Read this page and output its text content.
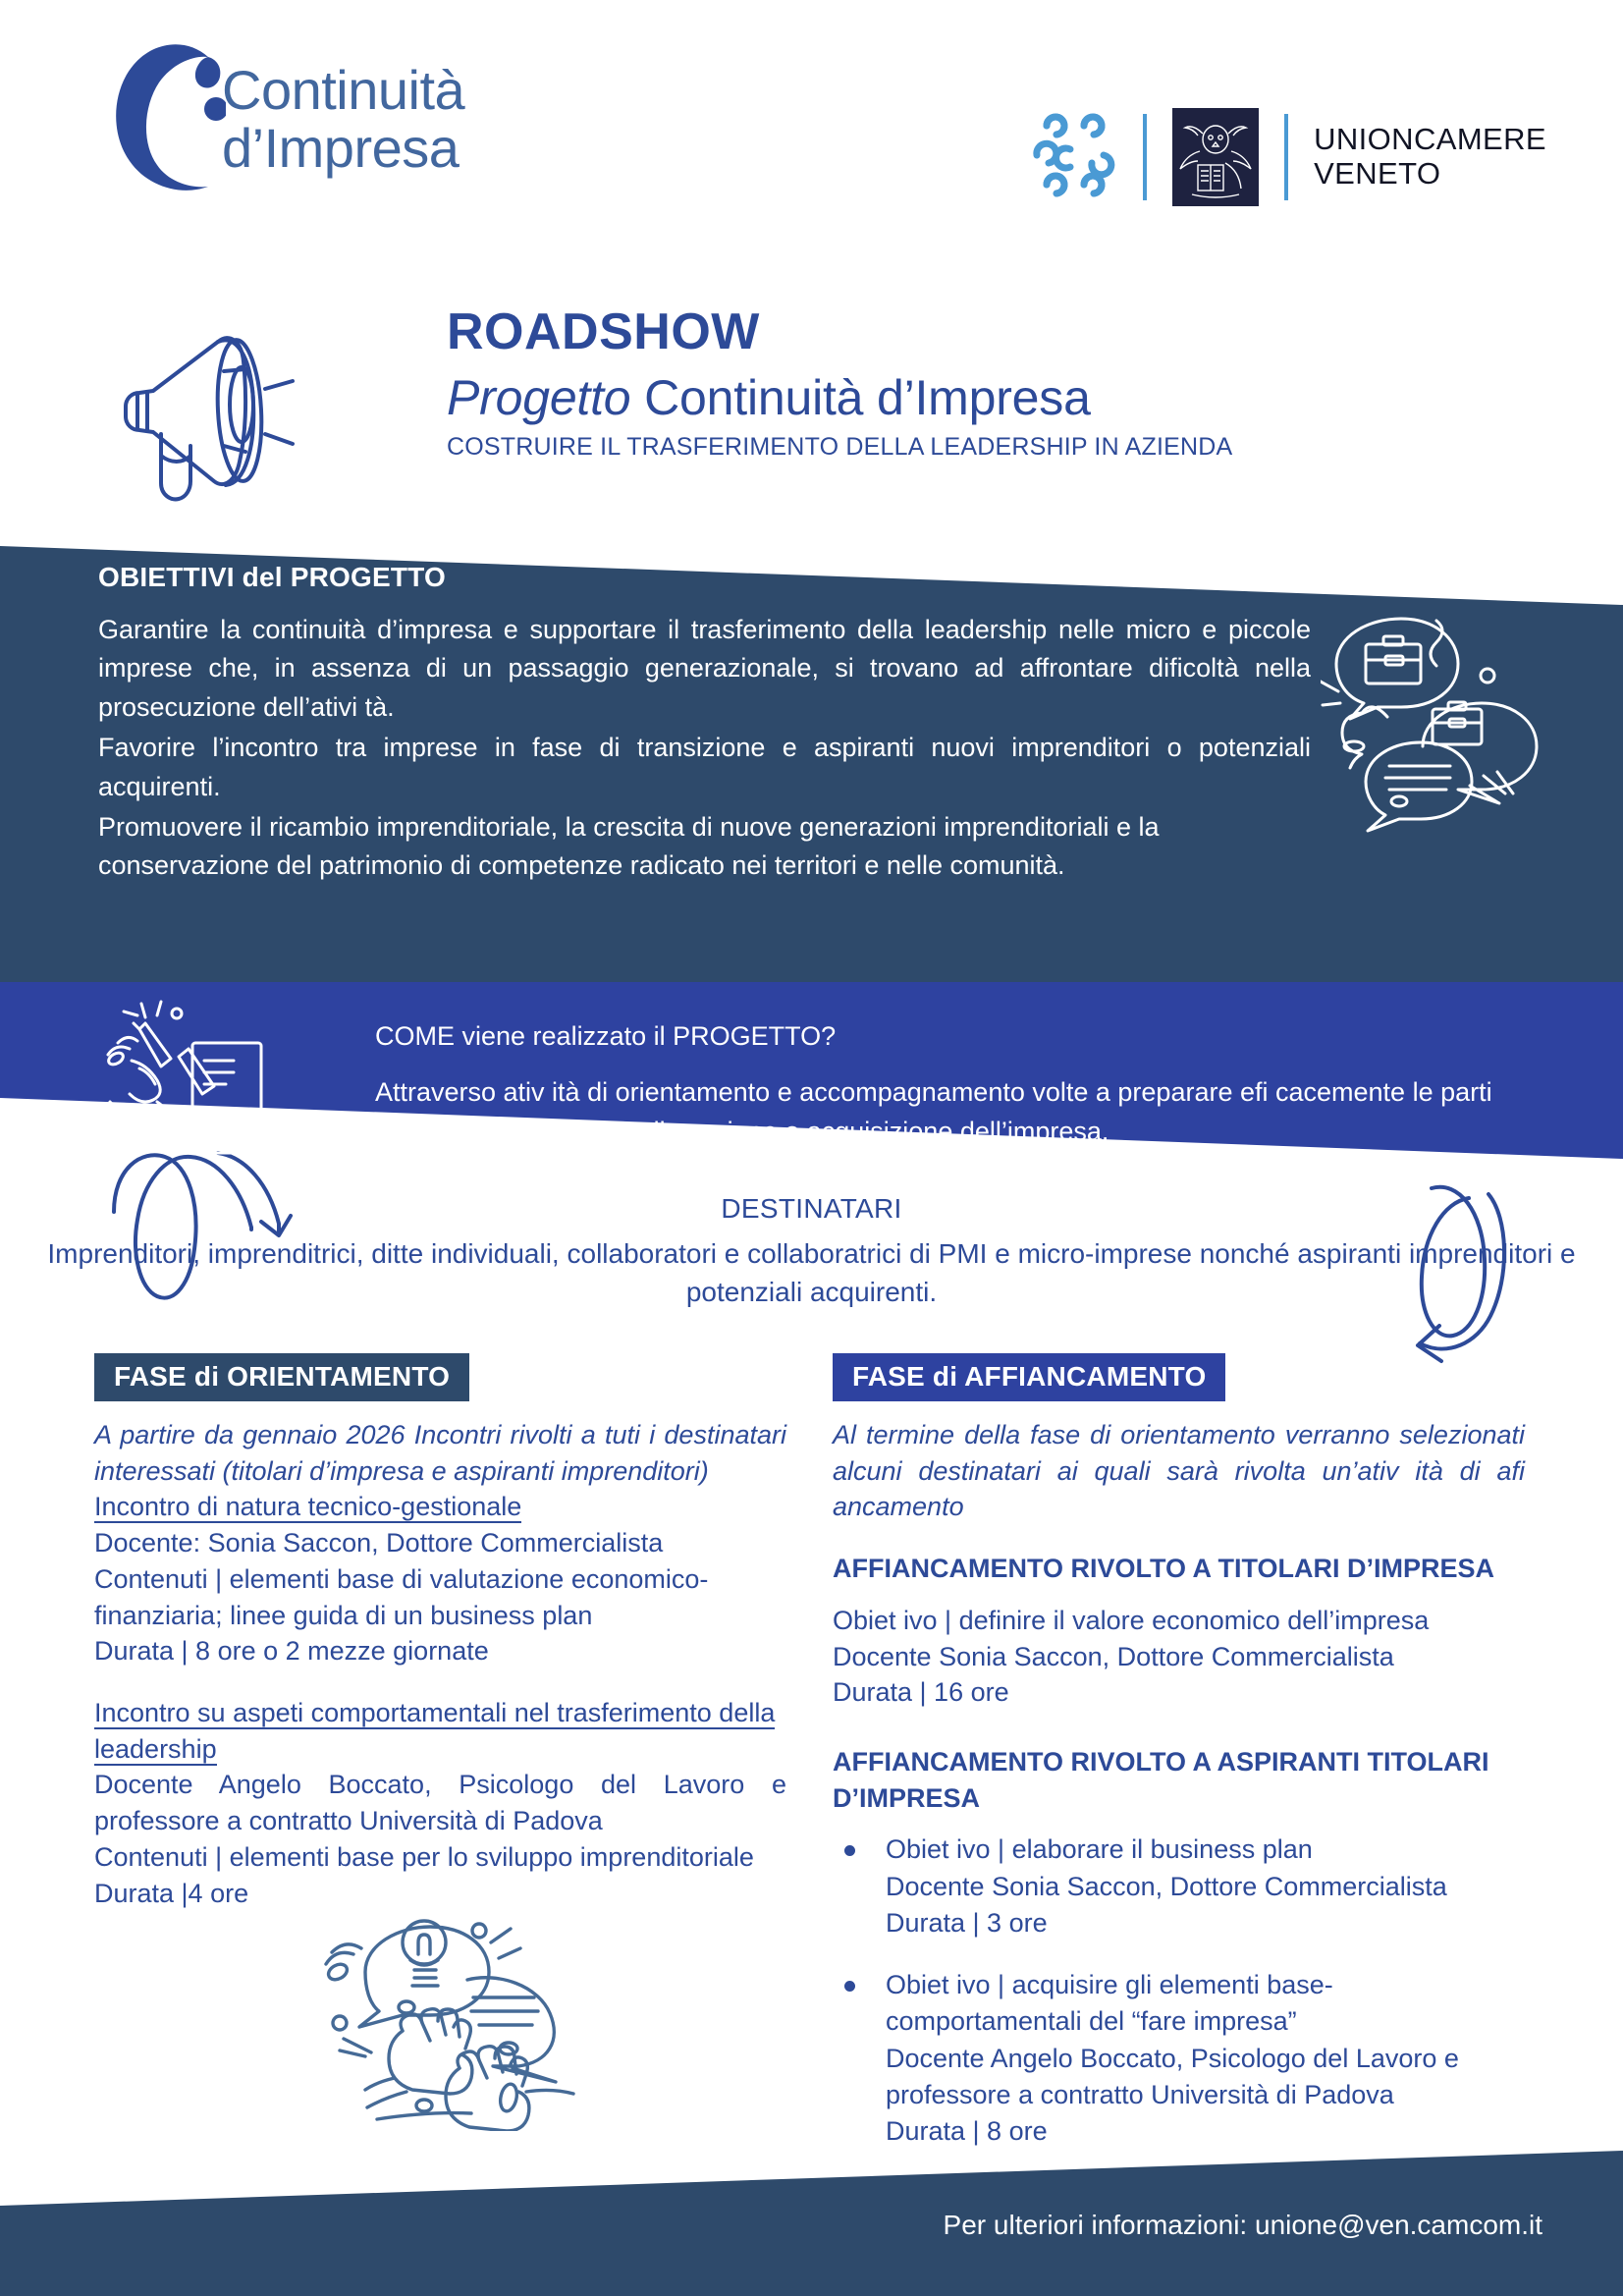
Continuità
d’Impresa	UNIONCAMERE
VENETO
ROADSHOW
Progetto Continuità d’Impresa
COSTRUIRE IL TRASFERIMENTO DELLA LEADERSHIP IN AZIENDA
OBIETTIVI del PROGETTO

Garantire la continuità d’impresa e supportare il trasferimento della leadership nelle micro e piccole imprese che, in assenza di un passaggio generazionale, si trovano ad affrontare dificoltà nella prosecuzione dell’ativi tà.

Favorire l’incontro tra imprese in fase di transizione e aspiranti nuovi imprenditori o potenziali acquirenti.

Promuovere il ricambio imprenditoriale, la crescita di nuove generazioni imprenditoriali e la conservazione del patrimonio di competenze radicato nei territori e nelle comunità.

COME viene realizzato il PROGETTO?

Attraverso ativ ità di orientamento e accompagnamento volte a preparare efi cacemente le parti coinvolte nel processo di cessione o acquisizione dell’impresa.

DESTINATARI

Imprenditori, imprenditrici, ditte individuali, collaboratori e collaboratrici di PMI e micro-imprese nonché aspiranti imprenditori e potenziali acquirenti.

FASE di ORIENTAMENTO

A partire da gennaio 2026 Incontri rivolti a tuti i destinatari interessati (titolari d’impresa e aspiranti imprenditori)

Incontro di natura tecnico-gestionale

Docente: Sonia Saccon, Dottore Commercialista

Contenuti | elementi base di valutazione economico-finanziaria; linee guida di un business plan

Durata | 8 ore o 2 mezze giornate

Incontro su aspeti comportamentali nel trasferimento della leadership

Docente Angelo Boccato, Psicologo del Lavoro e professore a contratto Università di Padova

Contenuti | elementi base per lo sviluppo imprenditoriale

Durata |4 ore

FASE di AFFIANCAMENTO

Al termine della fase di orientamento verranno selezionati alcuni destinatari ai quali sarà rivolta un’ativ ità di afi ancamento

AFFIANCAMENTO RIVOLTO A TITOLARI D’IMPRESA

Obiet ivo | definire il valore economico dell’impresa

Docente Sonia Saccon, Dottore Commercialista

Durata | 16 ore

AFFIANCAMENTO RIVOLTO A ASPIRANTI TITOLARI D’IMPRESA

Obiet ivo | elaborare il business plan
Docente Sonia Saccon, Dottore Commercialista
Durata | 3 ore
Obiet ivo | acquisire gli elementi base-comportamentali del “fare impresa”
Docente Angelo Boccato, Psicologo del Lavoro e professore a contratto Università di Padova
Durata | 8 ore
Per ulteriori informazioni: unione@ven.camcom.it
